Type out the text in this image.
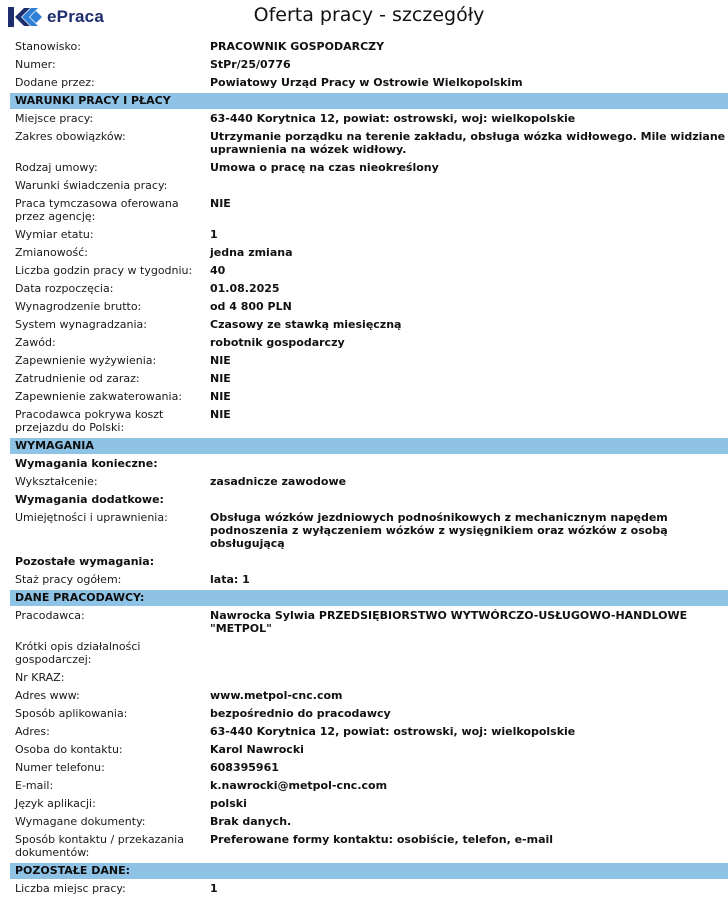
ePraca	Oferta pracy - szczegóły
Stanowisko:	PRACOWNIK GOSPODARCZY
Numer:	StPr/25/0776
Dodane przez:	Powiatowy Urząd Pracy w Ostrowie Wielkopolskim
WARUNKI PRACY I PŁACY
Miejsce pracy:	63-440 Korytnica 12, powiat: ostrowski, woj: wielkopolskie
Zakres obowiązków:	Utrzymanie porządku na terenie zakładu, obsługa wózka widłowego. Mile widziane uprawnienia na wózek widłowy.
Rodzaj umowy:	Umowa o pracę na czas nieokreślony
Warunki świadczenia pracy:
Praca tymczasowa oferowana przez agencję:
NIE
Wymiar etatu:	1
Zmianowość:	jedna zmiana
Liczba godzin pracy w tygodniu:	40
Data rozpoczęcia:	01.08.2025
Wynagrodzenie brutto:	od 4 800 PLN
System wynagradzania:	Czasowy ze stawką miesięczną
Zawód:	robotnik gospodarczy
Zapewnienie wyżywienia:	NIE
Zatrudnienie od zaraz:	NIE
Zapewnienie zakwaterowania:	NIE
Pracodawca pokrywa koszt przejazdu do Polski:
NIE
WYMAGANIA
Wymagania konieczne:
Wykształcenie:	zasadnicze zawodowe
Wymagania dodatkowe:
Umiejętności i uprawnienia:	Obsługa wózków jezdniowych podnośnikowych z mechanicznym napędem podnoszenia z wyłączeniem wózków z wysięgnikiem oraz wózków z osobą obsługującą
Pozostałe wymagania:
Staż pracy ogółem:	lata: 1
DANE PRACODAWCY:
Pracodawca:	Nawrocka Sylwia PRZEDSIĘBIORSTWO WYTWÓRCZO-USŁUGOWO-HANDLOWE "METPOL"
Krótki opis działalności gospodarczej:
Nr KRAZ:
Adres www:	www.metpol-cnc.com
Sposób aplikowania:	bezpośrednio do pracodawcy
Adres:	63-440 Korytnica 12, powiat: ostrowski, woj: wielkopolskie
Osoba do kontaktu:	Karol Nawrocki
Numer telefonu:	608395961
E-mail:	k.nawrocki@metpol-cnc.com
Język aplikacji:	polski
Wymagane dokumenty:	Brak danych.
Sposób kontaktu / przekazania dokumentów:
Preferowane formy kontaktu: osobiście, telefon, e-mail
POZOSTAŁE DANE:
Liczba miejsc pracy:	1
